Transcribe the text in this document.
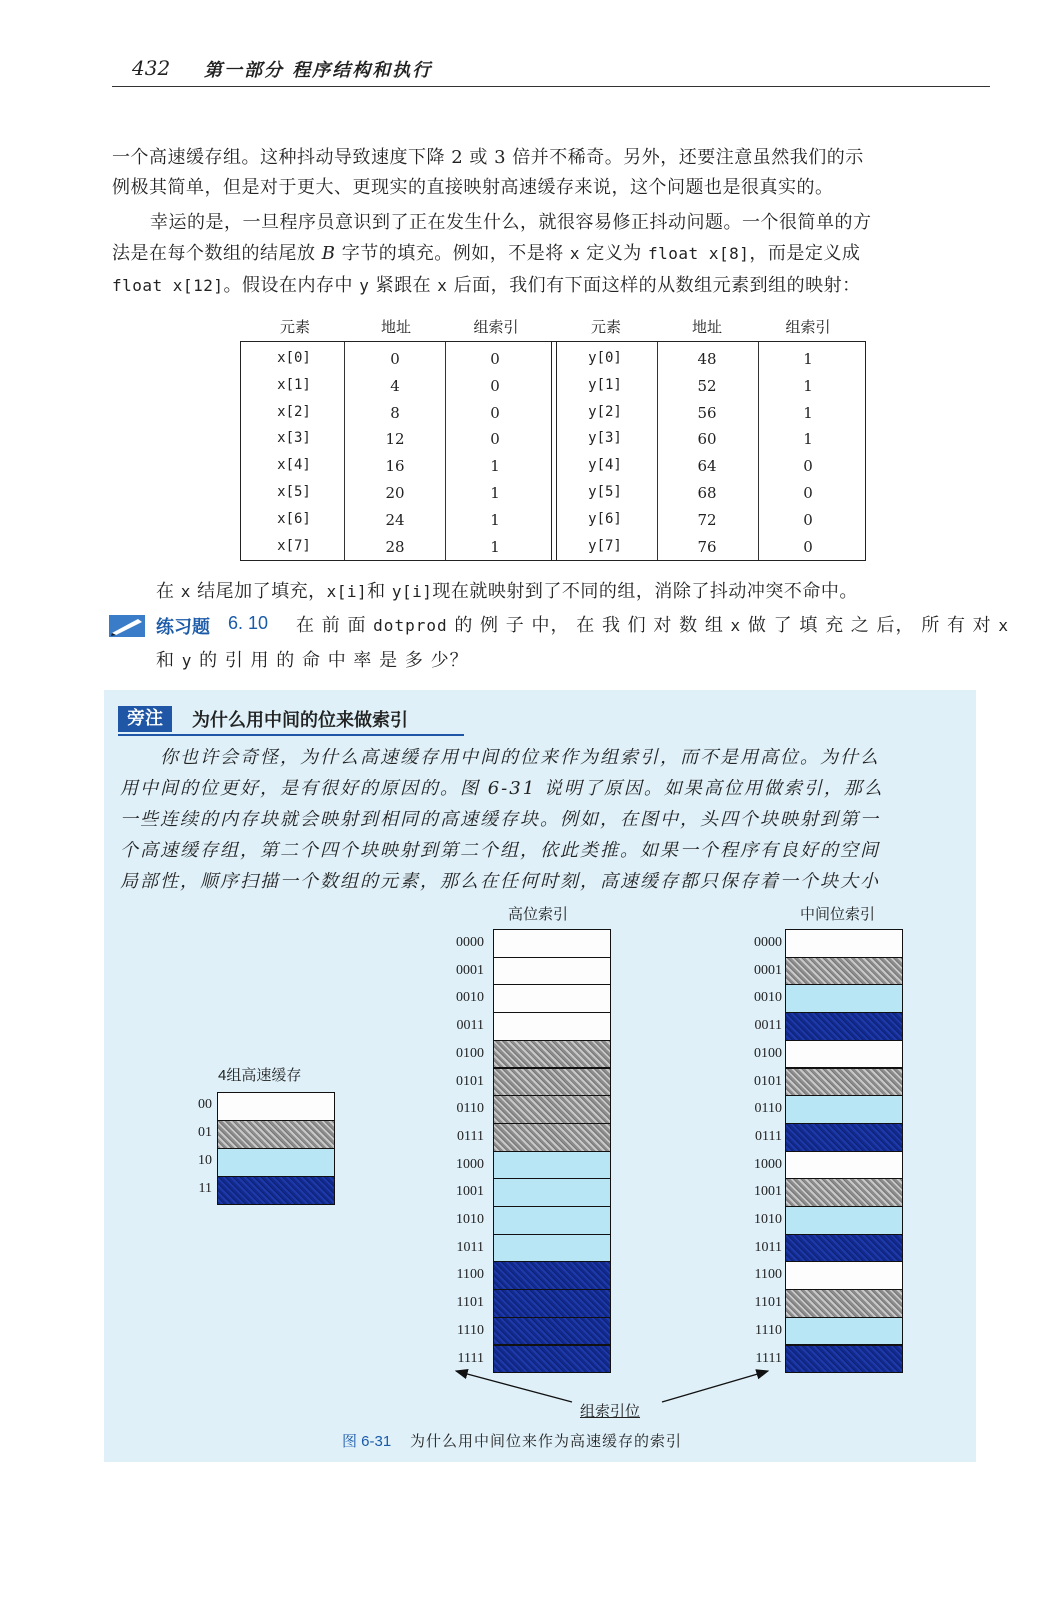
432 第一部分 程序结构和执行
一个高速缓存组。这种抖动导致速度下降 2 或 3 倍并不稀奇。另外，还要注意虽然我们的示
例极其简单，但是对于更大、更现实的直接映射高速缓存来说，这个问题也是很真实的。
幸运的是，一旦程序员意识到了正在发生什么，就很容易修正抖动问题。一个很简单的方
法是在每个数组的结尾放 B 字节的填充。例如，不是将 x 定义为 float x[8]，而是定义成
float x[12]。假设在内存中 y 紧跟在 x 后面，我们有下面这样的从数组元素到组的映射：
元素	地址	组索引	元素	地址	组索引
x[0]	0	0	y[0]	48	1
x[1]	4	0	y[1]	52	1
x[2]	8	0	y[2]	56	1
x[3]	12	0	y[3]	60	1
x[4]	16	1	y[4]	64	0
x[5]	20	1	y[5]	68	0
x[6]	24	1	y[6]	72	0
x[7]	28	1	y[7]	76	0
在 x 结尾加了填充，x[i]和 y[i]现在就映射到了不同的组，消除了抖动冲突不命中。
练习题 6. 10 在 前 面 dotprod 的 例 子 中， 在 我 们 对 数 组 x 做 了 填 充 之 后， 所 有 对 x
和 y 的 引 用 的 命 中 率 是 多 少？
旁注	为什么用中间的位来做索引
你也许会奇怪，为什么高速缓存用中间的位来作为组索引，而不是用高位。为什么
用中间的位更好，是有很好的原因的。图 6-31 说明了原因。如果高位用做索引，那么
一些连续的内存块就会映射到相同的高速缓存块。例如，在图中，头四个块映射到第一
个高速缓存组，第二个四个块映射到第二个组，依此类推。如果一个程序有良好的空间
局部性，顺序扫描一个数组的元素，那么在任何时刻，高速缓存都只保存着一个块大小
高位索引	中间位索引
4组高速缓存
00
01
10
11
0000
0001
0010
0011
0100
0101
0110
0111
1000
1001
1010
1011
1100
1101
1110
1111
0000
0001
0010
0011
0100
0101
0110
0111
1000
1001
1010
1011
1100
1101
1110
1111
组索引位
图 6-31 为什么用中间位来作为高速缓存的索引
